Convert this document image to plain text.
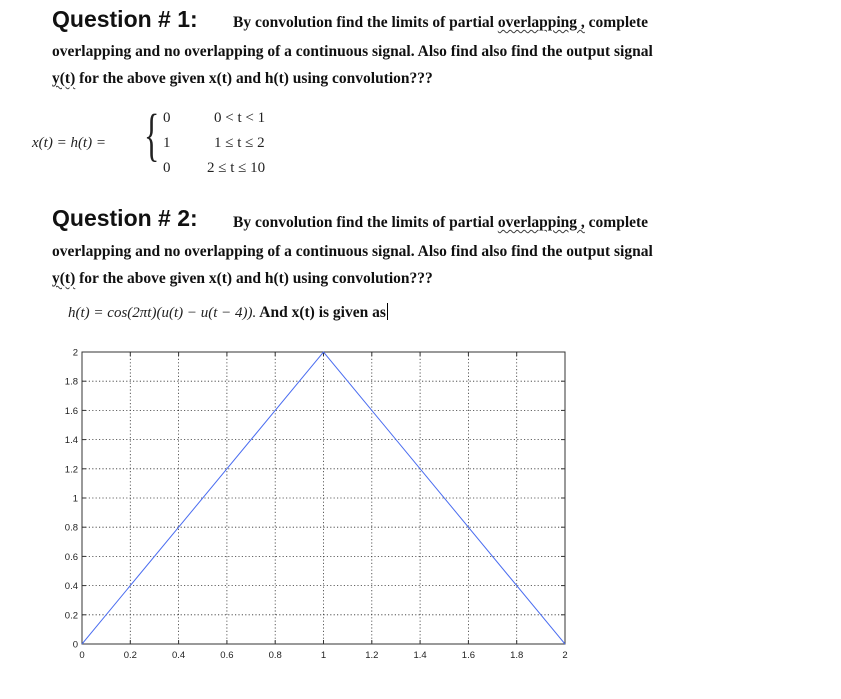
Question # 1: By convolution find the limits of partial overlapping , complete
overlapping and no overlapping of a continuous signal. Also find also find the output signal
y(t) for the above given x(t) and h(t) using convolution???
x(t) = h(t) = { 0	0 < t < 1
1	1 ≤ t ≤ 2
0 2 ≤ t ≤ 10
Question # 2: By convolution find the limits of partial overlapping , complete
overlapping and no overlapping of a continuous signal. Also find also find the output signal
y(t) for the above given x(t) and h(t) using convolution???
h(t) = cos(2πt)(u(t) − u(t − 4)). And x(t) is given as
0	0.2	0.4	0.6	0.8	1	1.2	1.4	1.6	1.8	2
0
0.2
0.4
0.6
0.8
1
1.2
1.4
1.6
1.8
2
